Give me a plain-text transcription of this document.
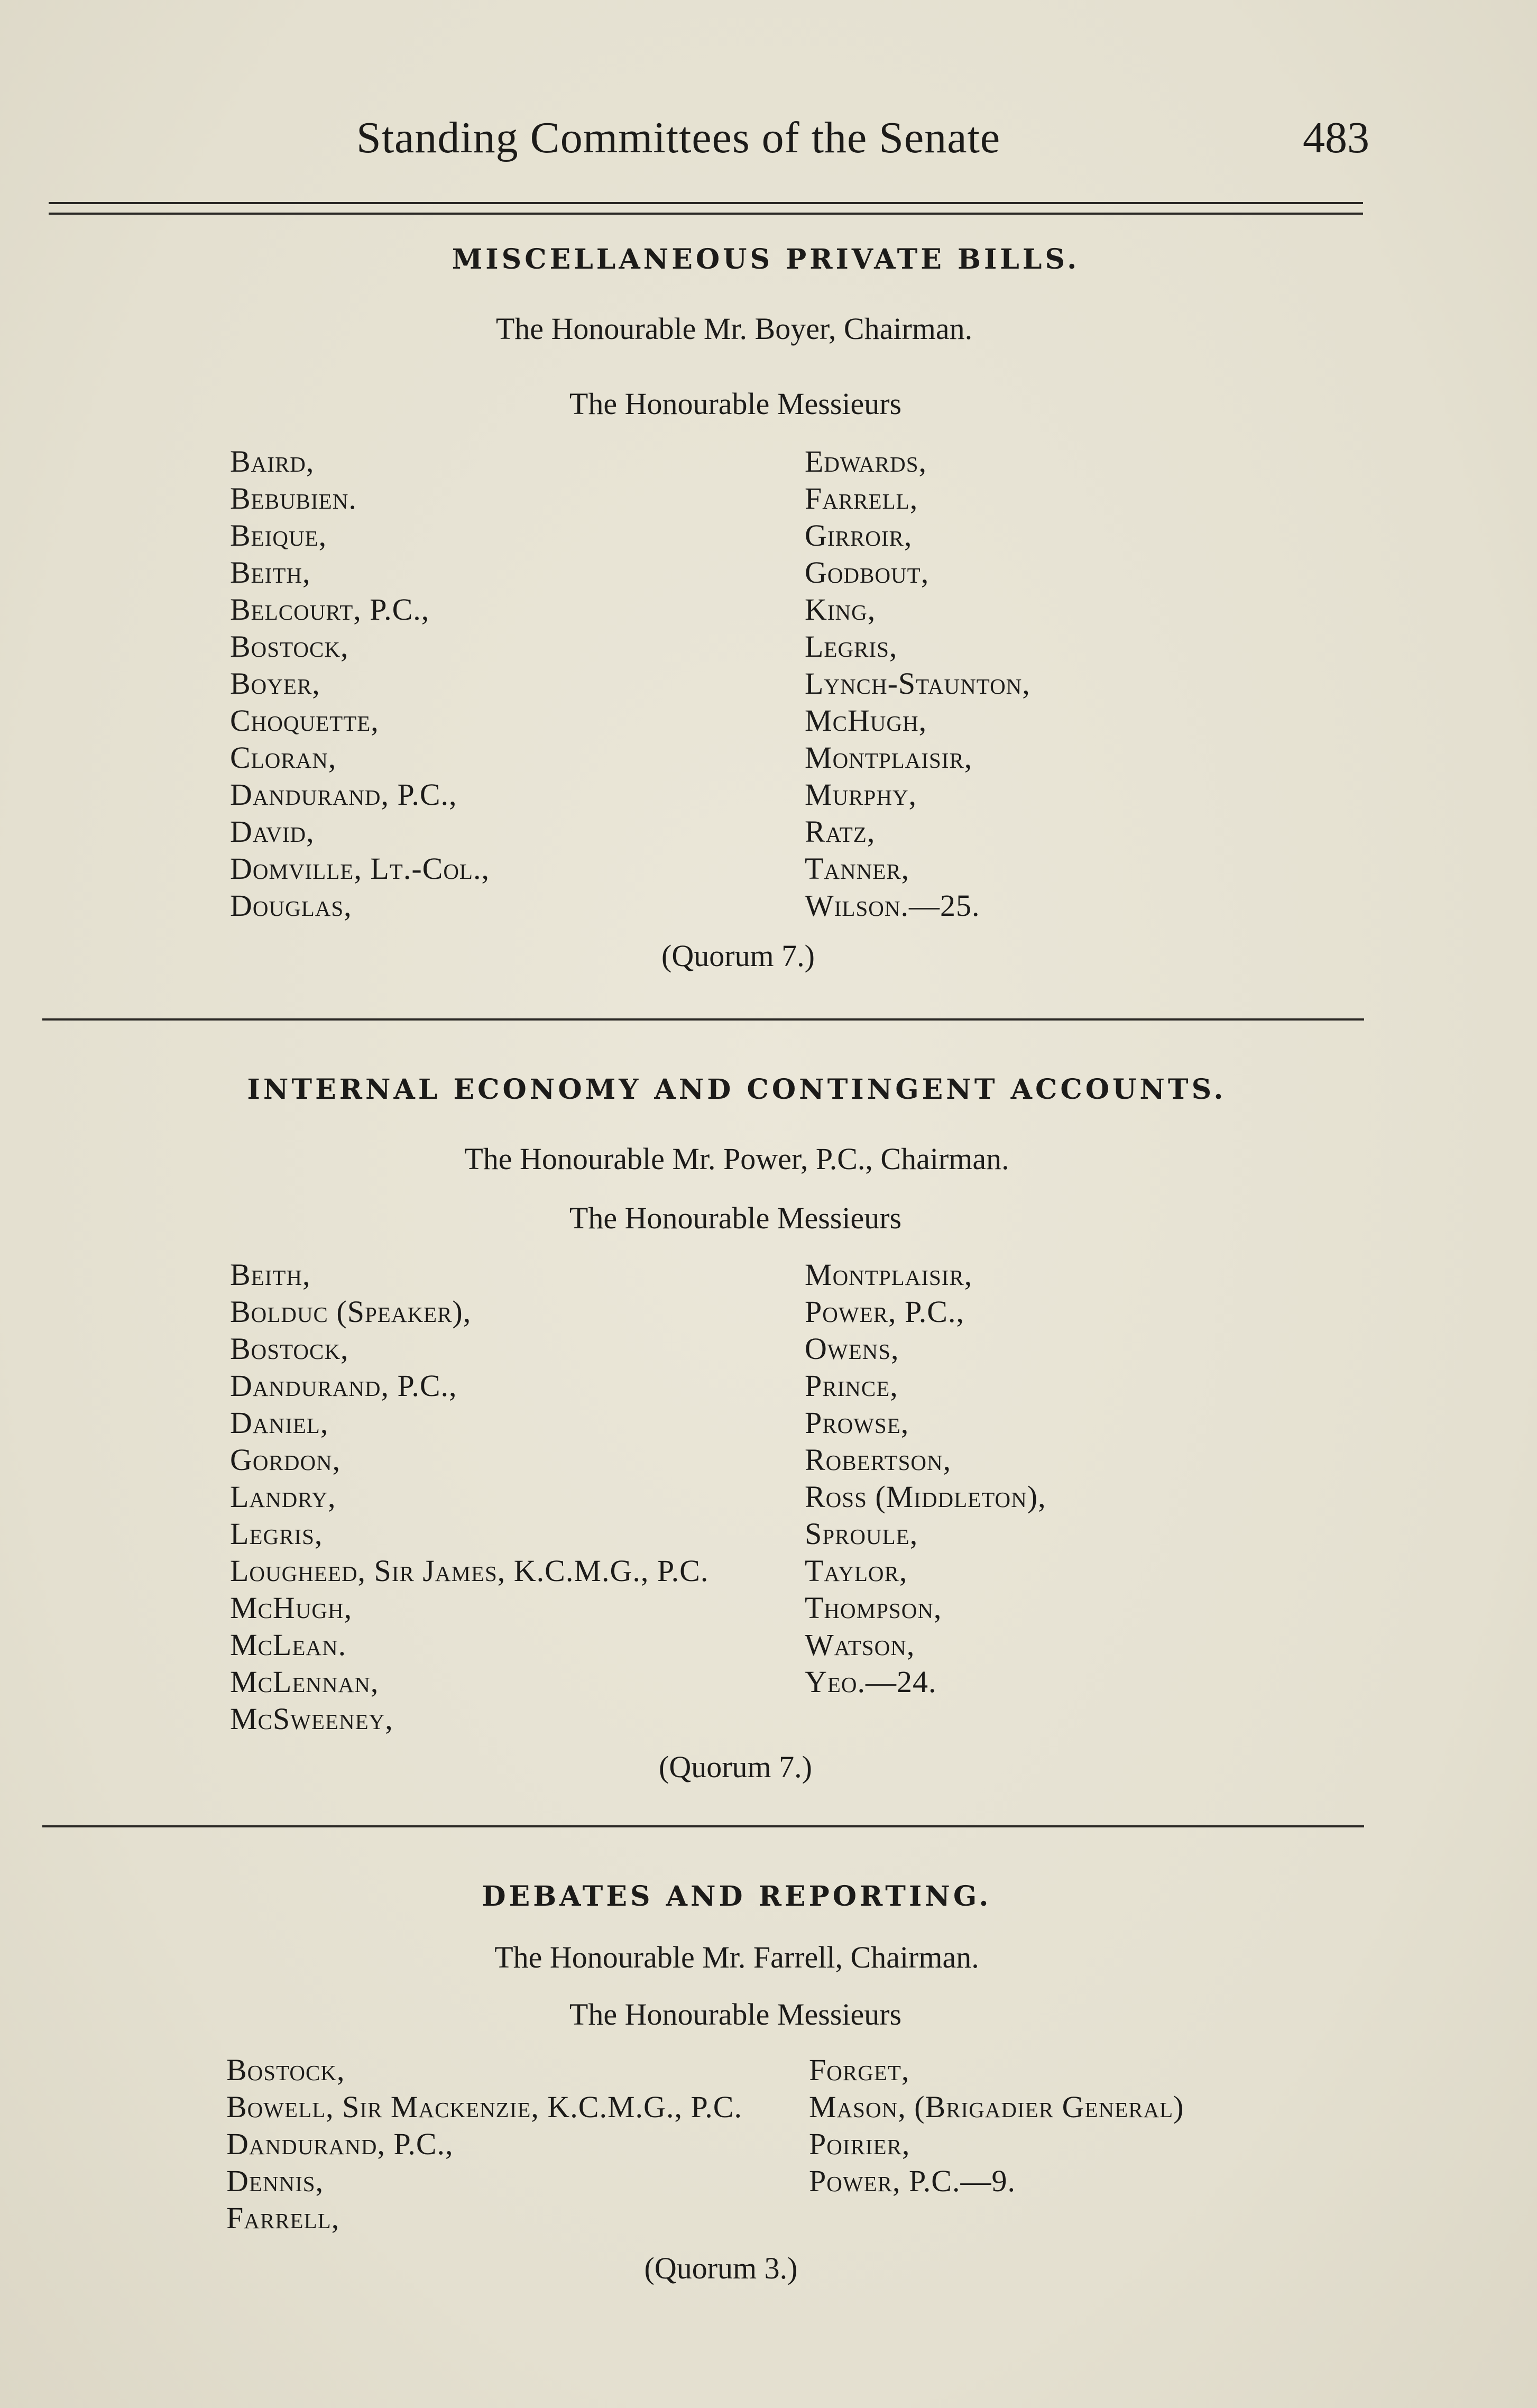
Standing Committees of the Senate	483
MISCELLANEOUS PRIVATE BILLS.
The Honourable Mr. Boyer, Chairman.
The Honourable Messieurs
Baird,
Bebubien.
Beique,
Beith,
Belcourt, P.C.,
Bostock,
Boyer,
Choquette,
Cloran,
Dandurand, P.C.,
David,
Domville, Lt.-Col.,
Douglas,
Edwards,
Farrell,
Girroir,
Godbout,
King,
Legris,
Lynch-Staunton,
McHugh,
Montplaisir,
Murphy,
Ratz,
Tanner,
Wilson.—25.
(Quorum 7.)
INTERNAL ECONOMY AND CONTINGENT ACCOUNTS.
The Honourable Mr. Power, P.C., Chairman.
The Honourable Messieurs
Beith,
Bolduc (Speaker),
Bostock,
Dandurand, P.C.,
Daniel,
Gordon,
Landry,
Legris,
Lougheed, Sir James, K.C.M.G., P.C.
McHugh,
McLean.
McLennan,
McSweeney,
Montplaisir,
Power, P.C.,
Owens,
Prince,
Prowse,
Robertson,
Ross (Middleton),
Sproule,
Taylor,
Thompson,
Watson,
Yeo.—24.
(Quorum 7.)
DEBATES AND REPORTING.
The Honourable Mr. Farrell, Chairman.
The Honourable Messieurs
Bostock,
Bowell, Sir Mackenzie, K.C.M.G., P.C.
Dandurand, P.C.,
Dennis,
Farrell,
Forget,
Mason, (Brigadier General)
Poirier,
Power, P.C.—9.
(Quorum 3.)
